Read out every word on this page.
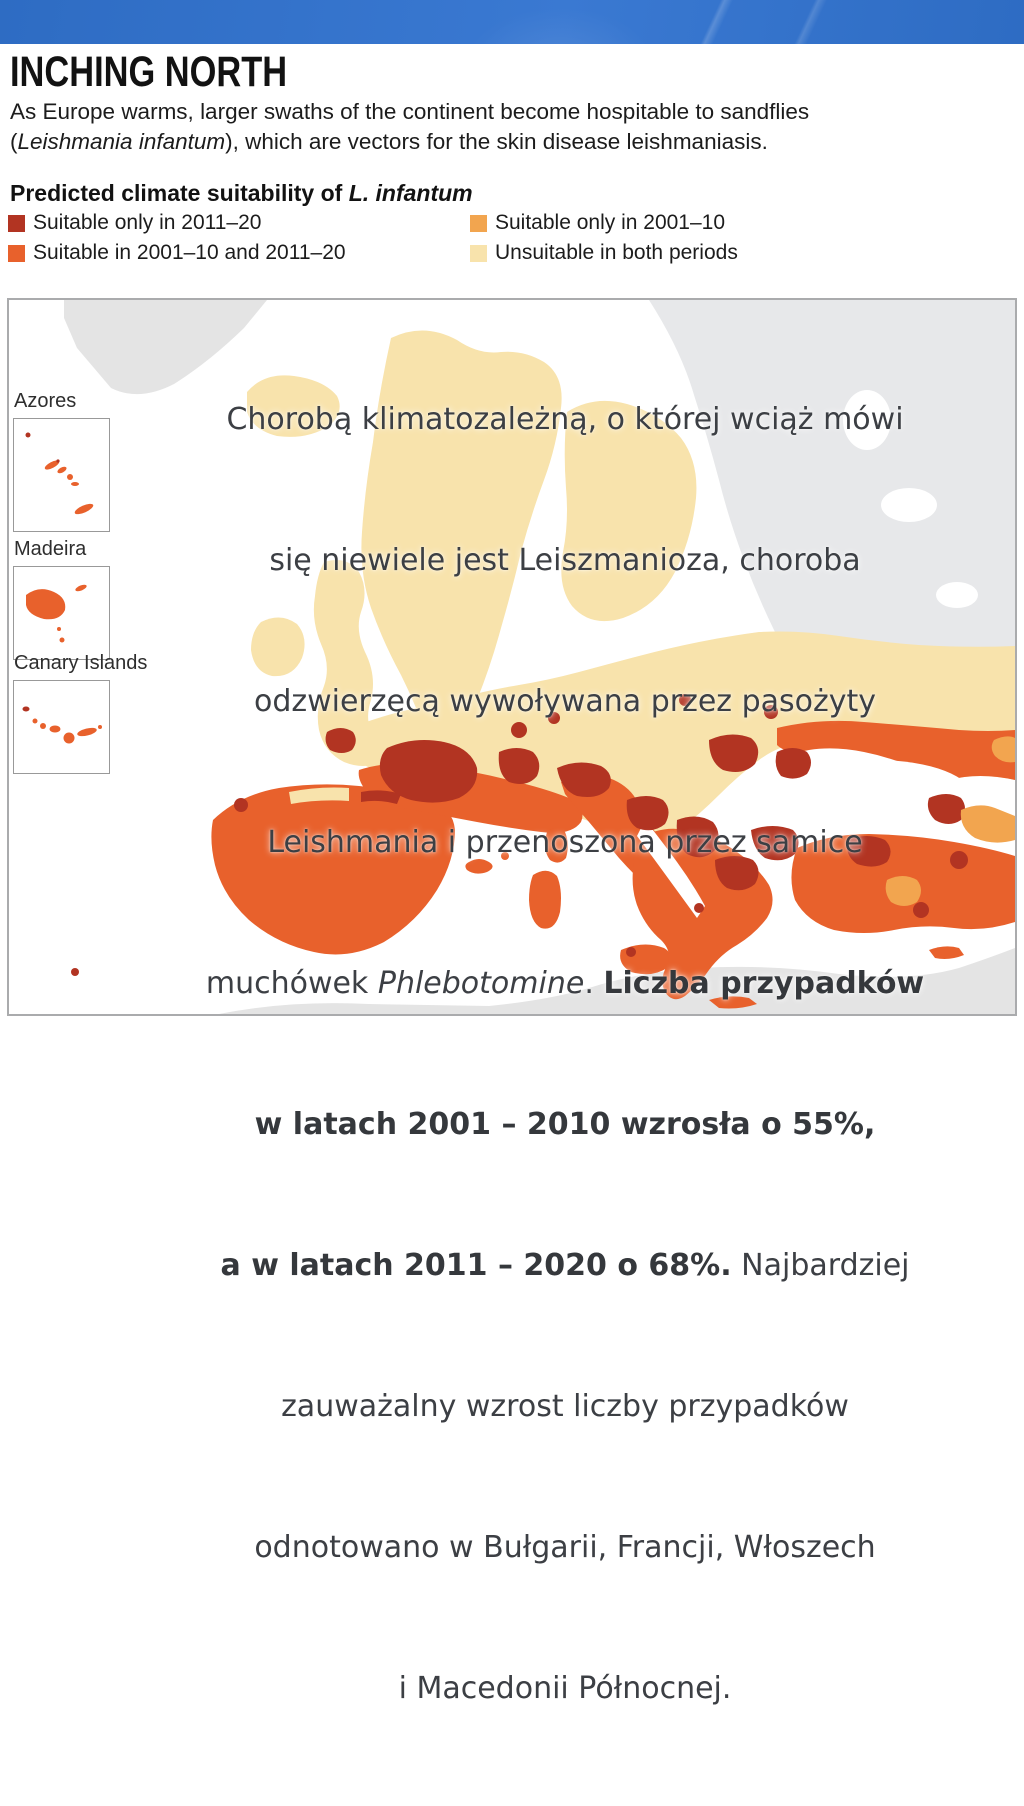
INCHING NORTH
As Europe warms, larger swaths of the continent become hospitable to sandflies
(Leishmania infantum), which are vectors for the skin disease leishmaniasis.
Predicted climate suitability of L. infantum
Suitable only in 2011–20
Suitable in 2001–10 and 2011–20
Suitable only in 2001–10
Unsuitable in both periods
Azores
Madeira
Canary Islands

Chorobą klimatozależną, o której wciąż mówi

się niewiele jest Leiszmanioza, choroba

odzwierzęcą wywoływana przez pasożyty

Leishmania i przenoszona przez samice

muchówek Phlebotomine. Liczba przypadków

w latach 2001 – 2010 wzrosła o 55%,

a w latach 2011 – 2020 o 68%. Najbardziej

zauważalny wzrost liczby przypadków

odnotowano w Bułgarii, Francji, Włoszech

i Macedonii Północnej.
